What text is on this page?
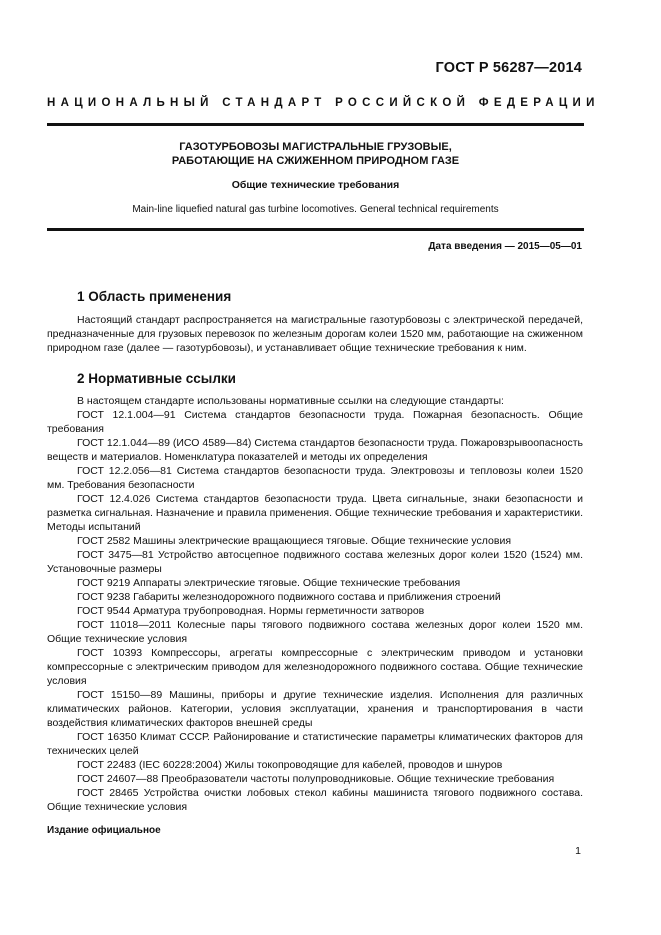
ГОСТ Р 56287—2014
НАЦИОНАЛЬНЫЙ СТАНДАРТ РОССИЙСКОЙ ФЕДЕРАЦИИ
ГАЗОТУРБОВОЗЫ МАГИСТРАЛЬНЫЕ ГРУЗОВЫЕ,
РАБОТАЮЩИЕ НА СЖИЖЕННОМ ПРИРОДНОМ ГАЗЕ
Общие технические требования
Main-line liquefied natural gas turbine locomotives. General technical requirements
Дата введения — 2015—05—01
1 Область применения

Настоящий стандарт распространяется на магистральные газотурбовозы с электрической передачей, предназначенные для грузовых перевозок по железным дорогам колеи 1520 мм, работающие на сжиженном природном газе (далее — газотурбовозы), и устанавливает общие технические требования к ним.

2 Нормативные ссылки

В настоящем стандарте использованы нормативные ссылки на следующие стандарты:

ГОСТ 12.1.004—91 Система стандартов безопасности труда. Пожарная безопасность. Общие требования

ГОСТ 12.1.044—89 (ИСО 4589—84) Система стандартов безопасности труда. Пожаровзрывоопасность веществ и материалов. Номенклатура показателей и методы их определения

ГОСТ 12.2.056—81 Система стандартов безопасности труда. Электровозы и тепловозы колеи 1520 мм. Требования безопасности

ГОСТ 12.4.026 Система стандартов безопасности труда. Цвета сигнальные, знаки безопасности и разметка сигнальная. Назначение и правила применения. Общие технические требования и характеристики. Методы испытаний

ГОСТ 2582 Машины электрические вращающиеся тяговые. Общие технические условия

ГОСТ 3475—81 Устройство автосцепное подвижного состава железных дорог колеи 1520 (1524) мм. Установочные размеры

ГОСТ 9219 Аппараты электрические тяговые. Общие технические требования

ГОСТ 9238 Габариты железнодорожного подвижного состава и приближения строений

ГОСТ 9544 Арматура трубопроводная. Нормы герметичности затворов

ГОСТ 11018—2011 Колесные пары тягового подвижного состава железных дорог колеи 1520 мм. Общие технические условия

ГОСТ 10393 Компрессоры, агрегаты компрессорные с электрическим приводом и установки компрессорные с электрическим приводом для железнодорожного подвижного состава. Общие технические условия

ГОСТ 15150—89 Машины, приборы и другие технические изделия. Исполнения для различных климатических районов. Категории, условия эксплуатации, хранения и транспортирования в части воздействия климатических факторов внешней среды

ГОСТ 16350 Климат СССР. Районирование и статистические параметры климатических факторов для технических целей

ГОСТ 22483 (IEC 60228:2004) Жилы токопроводящие для кабелей, проводов и шнуров

ГОСТ 24607—88 Преобразователи частоты полупроводниковые. Общие технические требования

ГОСТ 28465 Устройства очистки лобовых стекол кабины машиниста тягового подвижного состава. Общие технические условия

Издание официальное
1
